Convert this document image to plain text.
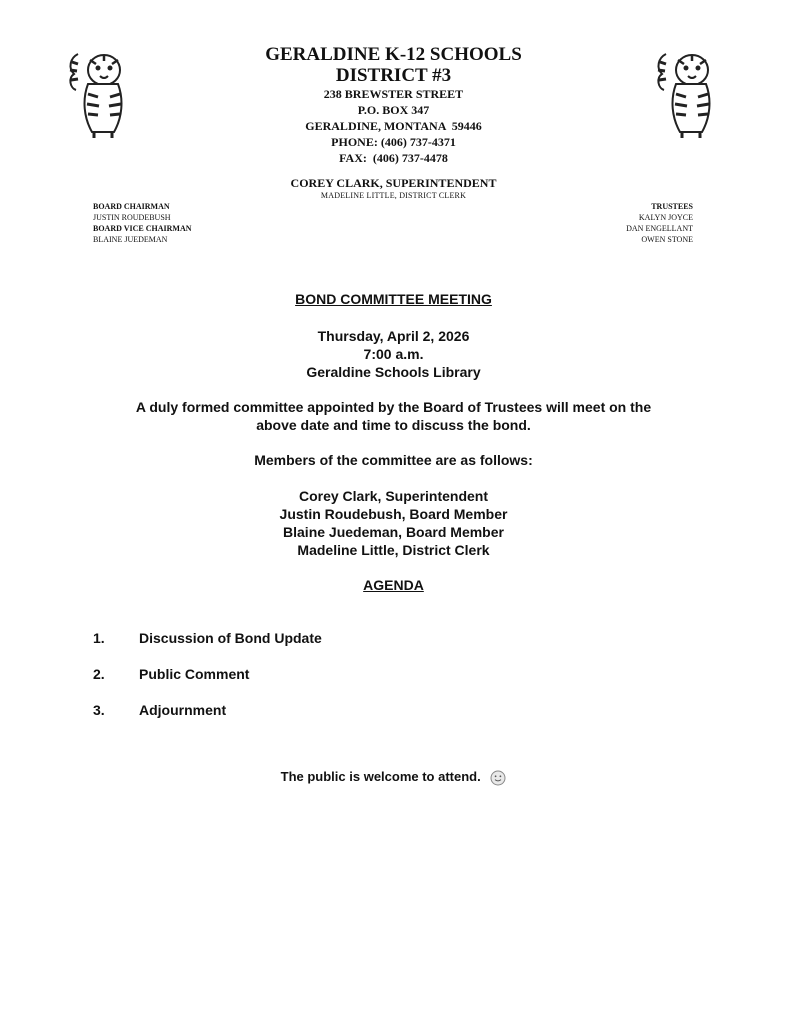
GERALDINE K-12 SCHOOLS
DISTRICT #3
238 BREWSTER STREET
P.O. BOX 347
GERALDINE, MONTANA  59446
PHONE: (406) 737-4371
FAX:  (406) 737-4478
COREY CLARK, SUPERINTENDENT
MADELINE LITTLE, DISTRICT CLERK
BOARD CHAIRMAN
JUSTIN ROUDEBUSH
BOARD VICE CHAIRMAN
BLAINE JUEDEMAN
TRUSTEES
KALYN JOYCE
DAN ENGELLANT
OWEN STONE
BOND COMMITTEE MEETING
Thursday, April 2, 2026
7:00 a.m.
Geraldine Schools Library
A duly formed committee appointed by the Board of Trustees will meet on the
above date and time to discuss the bond.
Members of the committee are as follows:
Corey Clark, Superintendent
Justin Roudebush, Board Member
Blaine Juedeman, Board Member
Madeline Little, District Clerk
AGENDA
1. Discussion of Bond Update
2. Public Comment
3. Adjournment
The public is welcome to attend.
